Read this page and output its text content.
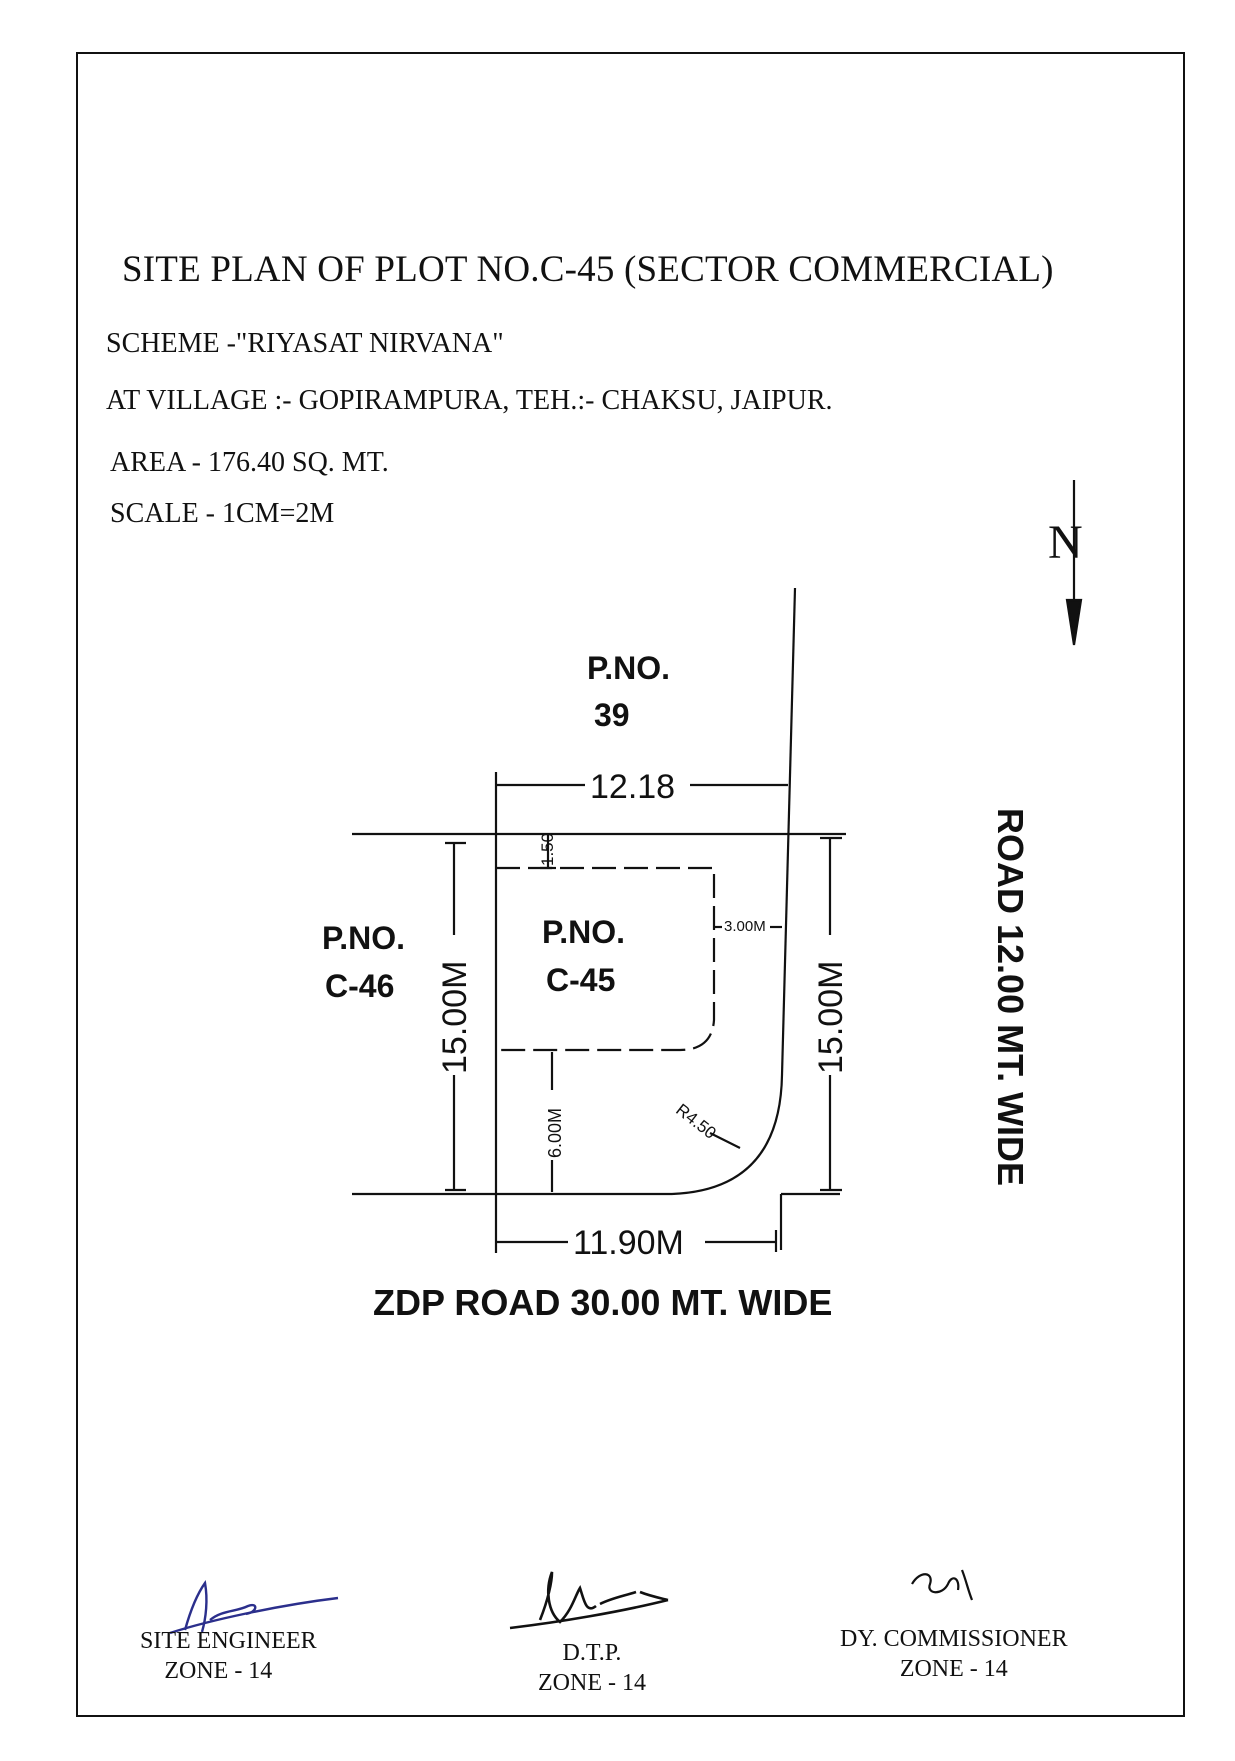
SITE PLAN OF PLOT NO.C-45 (SECTOR COMMERCIAL)
SCHEME -"RIYASAT NIRVANA"
AT VILLAGE :- GOPIRAMPURA, TEH.:- CHAKSU, JAIPUR.
AREA - 176.40 SQ. MT.
SCALE - 1CM=2M
N
P.NO.
39
P.NO.
C-46
P.NO.
C-45
12.18
11.90M
15.00M	15.00M
1.50
3.00M
6.00M	R4.50
ZDP ROAD 30.00 MT. WIDE
ROAD 12.00 MT. WIDE
SITE ENGINEER
ZONE - 14
D.T.P.
ZONE - 14
DY. COMMISSIONER
ZONE - 14
